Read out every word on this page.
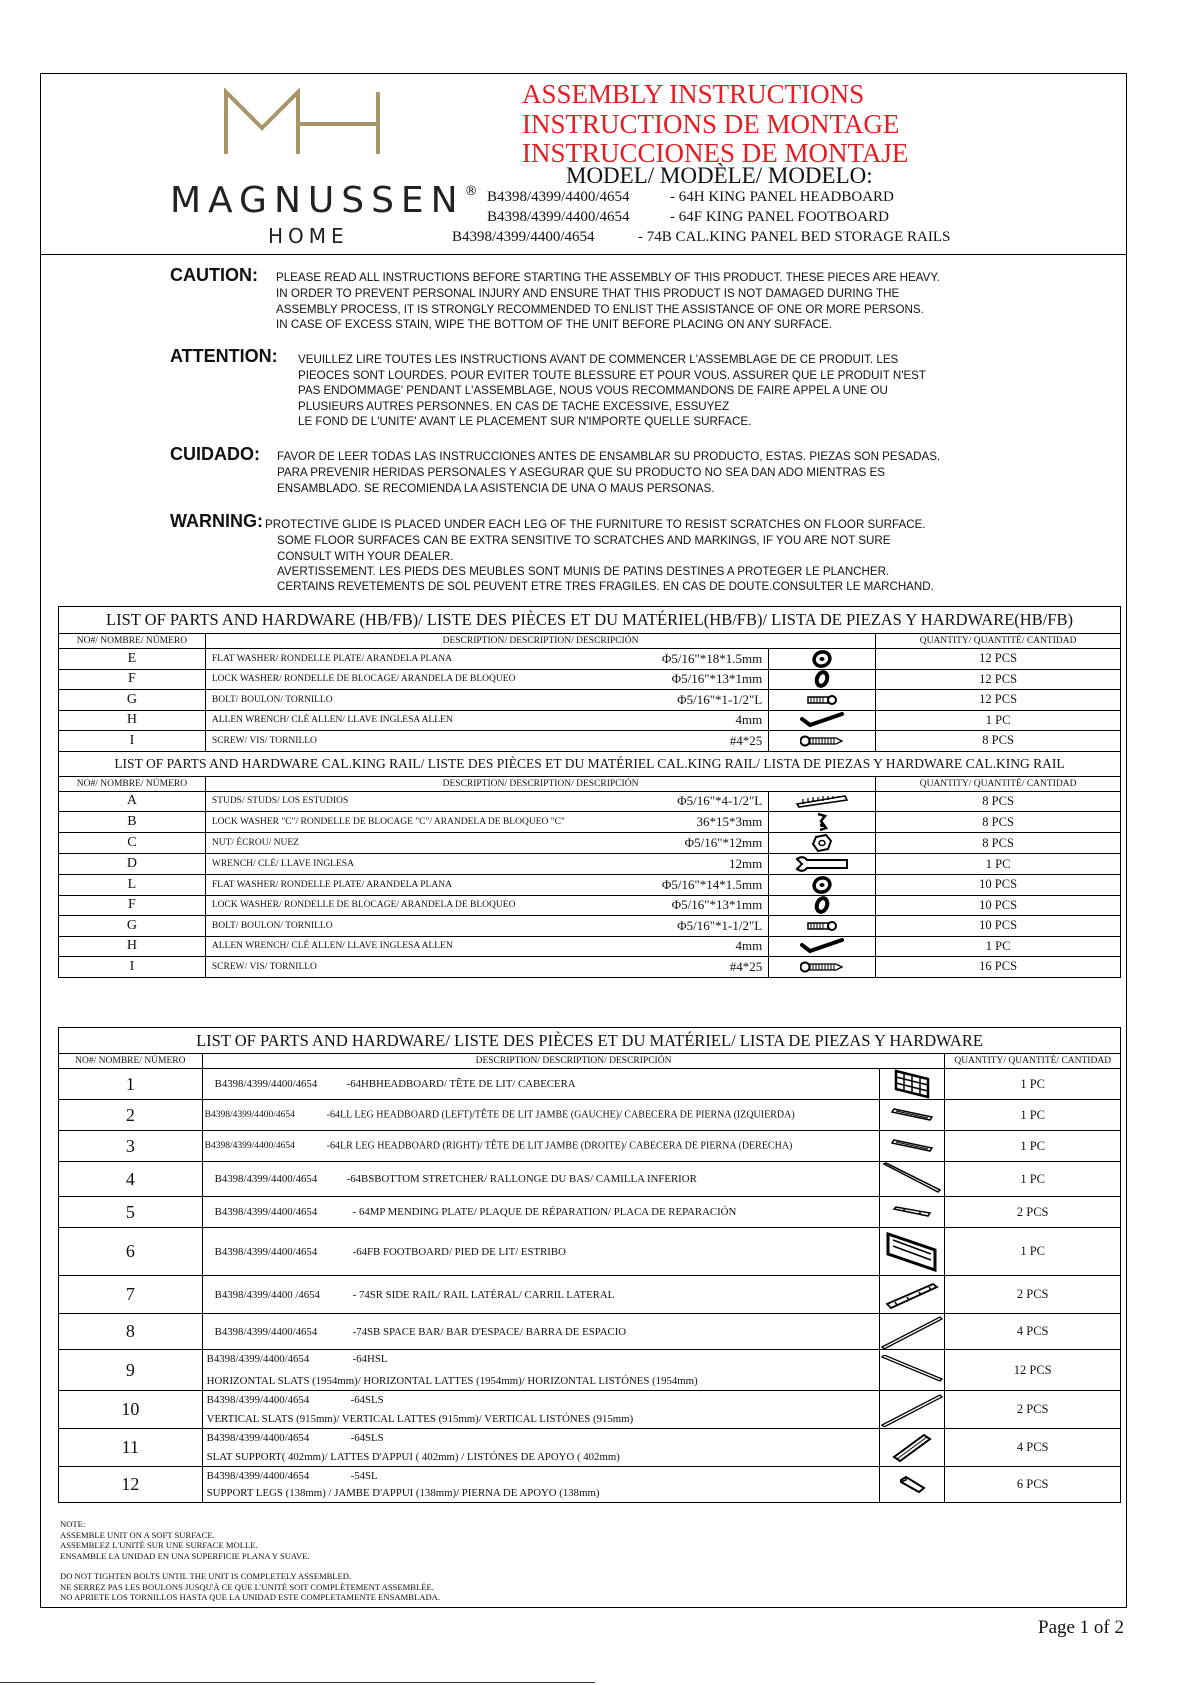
MAGNUSSEN®
HOME
ASSEMBLY INSTRUCTIONS
INSTRUCTIONS DE MONTAGE
INSTRUCCIONES DE MONTAJE
MODEL/ MODÈLE/ MODELO:
B4398/4399/4400/4654	- 64H KING PANEL HEADBOARD
B4398/4399/4400/4654	- 64F KING PANEL FOOTBOARD
B4398/4399/4400/4654	- 74B CAL.KING PANEL BED STORAGE RAILS
CAUTION: PLEASE READ ALL INSTRUCTIONS BEFORE STARTING THE ASSEMBLY OF THIS PRODUCT. THESE PIECES ARE HEAVY.
IN ORDER TO PREVENT PERSONAL INJURY AND ENSURE THAT THIS PRODUCT IS NOT DAMAGED DURING THE
ASSEMBLY PROCESS, IT IS STRONGLY RECOMMENDED TO ENLIST THE ASSISTANCE OF ONE OR MORE PERSONS.
IN CASE OF EXCESS STAIN, WIPE THE BOTTOM OF THE UNIT BEFORE PLACING ON ANY SURFACE.
ATTENTION: VEUILLEZ LIRE TOUTES LES INSTRUCTIONS AVANT DE COMMENCER L'ASSEMBLAGE DE CE PRODUIT. LES
PIEOCES SONT LOURDES. POUR EVITER TOUTE BLESSURE ET POUR VOUS. ASSURER QUE LE PRODUIT N'EST
PAS ENDOMMAGE' PENDANT L'ASSEMBLAGE, NOUS VOUS RECOMMANDONS DE FAIRE APPEL A UNE OU
PLUSIEURS AUTRES PERSONNES. EN CAS DE TACHE EXCESSIVE, ESSUYEZ
LE FOND DE L'UNITE' AVANT LE PLACEMENT SUR N'IMPORTE QUELLE SURFACE.
CUIDADO: FAVOR DE LEER TODAS LAS INSTRUCCIONES ANTES DE ENSAMBLAR SU PRODUCTO, ESTAS. PIEZAS SON PESADAS.
PARA PREVENIR HERIDAS PERSONALES Y ASEGURAR QUE SU PRODUCTO NO SEA DAN ADO MIENTRAS ES
ENSAMBLADO. SE RECOMIENDA LA ASISTENCIA DE UNA O MAUS PERSONAS.
WARNING: PROTECTIVE GLIDE IS PLACED UNDER EACH LEG OF THE FURNITURE TO RESIST SCRATCHES ON FLOOR SURFACE.
SOME FLOOR SURFACES CAN BE EXTRA SENSITIVE TO SCRATCHES AND MARKINGS, IF YOU ARE NOT SURE
CONSULT WITH YOUR DEALER.
AVERTISSEMENT. LES PIEDS DES MEUBLES SONT MUNIS DE PATINS DESTINES A PROTEGER LE PLANCHER.
CERTAINS REVETEMENTS DE SOL PEUVENT ETRE TRES FRAGILES. EN CAS DE DOUTE.CONSULTER LE MARCHAND.
LIST OF PARTS AND HARDWARE (HB/FB)/ LISTE DES PIÈCES ET DU MATÉRIEL(HB/FB)/ LISTA DE PIEZAS Y HARDWARE(HB/FB)			
NO#/ NOMBRE/ NÚMERO	DESCRIPTION/ DESCRIPTION/ DESCRIPCIÓN		QUANTITY/ QUANTITÉ/ CANTIDAD
E	FLAT WASHER/ RONDELLE PLATE/ ARANDELA PLANA Φ5/16"*18*1.5mm		12 PCS
F	LOCK WASHER/ RONDELLE DE BLOCAGE/ ARANDELA DE BLOQUEO Φ5/16"*13*1mm		12 PCS
G	BOLT/ BOULON/ TORNILLO Φ5/16"*1-1/2"L		12 PCS
H	ALLEN WRENCH/ CLÉ ALLEN/ LLAVE INGLESA ALLEN 4mm		1 PC
I	SCREW/ VIS/ TORNILLO #4*25		8 PCS
LIST OF PARTS AND HARDWARE CAL.KING RAIL/ LISTE DES PIÈCES ET DU MATÉRIEL CAL.KING RAIL/ LISTA DE PIEZAS Y HARDWARE CAL.KING RAIL			
NO#/ NOMBRE/ NÚMERO	DESCRIPTION/ DESCRIPTION/ DESCRIPCIÓN		QUANTITY/ QUANTITÉ/ CANTIDAD
A	STUDS/ STUDS/ LOS ESTUDIOS Φ5/16"*4-1/2"L		8 PCS
B	LOCK WASHER "C"/ RONDELLE DE BLOCAGE "C"/ ARANDELA DE BLOQUEO "C" 36*15*3mm		8 PCS
C	NUT/ ÉCROU/ NUEZ Φ5/16"*12mm		8 PCS
D	WRENCH/ CLÉ/ LLAVE INGLESA 12mm		1 PC
L	FLAT WASHER/ RONDELLE PLATE/ ARANDELA PLANA Φ5/16"*14*1.5mm		10 PCS
F	LOCK WASHER/ RONDELLE DE BLOCAGE/ ARANDELA DE BLOQUEO Φ5/16"*13*1mm		10 PCS
G	BOLT/ BOULON/ TORNILLO Φ5/16"*1-1/2"L		10 PCS
H	ALLEN WRENCH/ CLÉ ALLEN/ LLAVE INGLESA ALLEN 4mm		1 PC
I	SCREW/ VIS/ TORNILLO #4*25		16 PCS
LIST OF PARTS AND HARDWARE/ LISTE DES PIÈCES ET DU MATÉRIEL/ LISTA DE PIEZAS Y HARDWARE			
NO#/ NOMBRE/ NÚMERO	DESCRIPTION/ DESCRIPTION/ DESCRIPCIÓN		QUANTITY/ QUANTITÉ/ CANTIDAD
1	B4398/4399/4400/4654 -64HBHEADBOARD/ TÊTE DE LIT/ CABECERA		1 PC
2	B4398/4399/4400/4654 -64LL LEG HEADBOARD (LEFT)/TÊTE DE LIT JAMBE (GAUCHE)/ CABECERA DE PIERNA (IZQUIERDA)		1 PC
3	B4398/4399/4400/4654 -64LR LEG HEADBOARD (RIGHT)/ TÊTE DE LIT JAMBE (DROITE)/ CABECERA DE PIERNA (DERECHA)		1 PC
4	B4398/4399/4400/4654 -64BSBOTTOM STRETCHER/ RALLONGE DU BAS/ CAMILLA INFERIOR		1 PC
5	B4398/4399/4400/4654 - 64MP MENDING PLATE/ PLAQUE DE RÉPARATION/ PLACA DE REPARACIÓN		2 PCS
6	B4398/4399/4400/4654 -64FB FOOTBOARD/ PIED DE LIT/ ESTRIBO		1 PC
7	B4398/4399/4400 /4654 - 74SR SIDE RAIL/ RAIL LATÉRAL/ CARRIL LATERAL		2 PCS
8	B4398/4399/4400/4654 -74SB SPACE BAR/ BAR D'ESPACE/ BARRA DE ESPACIO		4 PCS
9	B4398/4399/4400/4654 -64HSL
HORIZONTAL SLATS (1954mm)/ HORIZONTAL LATTES (1954mm)/ HORIZONTAL LISTÓNES (1954mm)		12 PCS
10	B4398/4399/4400/4654 -64SLS
VERTICAL SLATS (915mm)/ VERTICAL LATTES (915mm)/ VERTICAL LISTÓNES (915mm)		2 PCS
11	B4398/4399/4400/4654 -64SLS
SLAT SUPPORT( 402mm)/ LATTES D'APPUI ( 402mm) / LISTÓNES DE APOYO ( 402mm)		4 PCS
12	B4398/4399/4400/4654 -54SL
SUPPORT LEGS (138mm) / JAMBE D'APPUI (138mm)/ PIERNA DE APOYO (138mm)		6 PCS
NOTE:
ASSEMBLE UNIT ON A SOFT SURFACE.
ASSEMBLEZ L'UNITÉ SUR UNE SURFACE MOLLE.
ENSAMBLE LA UNIDAD EN UNA SUPERFICIE PLANA Y SUAVE.
DO NOT TIGHTEN BOLTS UNTIL THE UNIT IS COMPLETELY ASSEMBLED.
NE SERREZ PAS LES BOULONS JUSQU'À CE QUE L'UNITÉ SOIT COMPLÈTEMENT ASSEMBLÉE.
NO APRIETE LOS TORNILLOS HASTA QUE LA UNIDAD ESTE COMPLETAMENTE ENSAMBLADA.
Page 1 of 2
